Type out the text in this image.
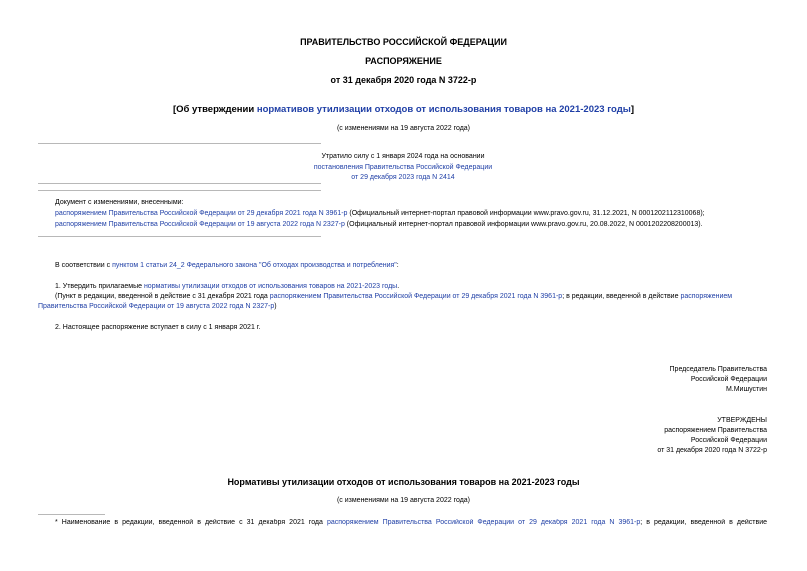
ПРАВИТЕЛЬСТВО РОССИЙСКОЙ ФЕДЕРАЦИИ
РАСПОРЯЖЕНИЕ
от 31 декабря 2020 года N 3722-р
[Об утверждении нормативов утилизации отходов от использования товаров на 2021-2023 годы]
(с изменениями на 19 августа 2022 года)
Утратило силу с 1 января 2024 года на основании
постановления Правительства Российской Федерации
от 29 декабря 2023 года N 2414
Документ с изменениями, внесенными:
распоряжением Правительства Российской Федерации от 29 декабря 2021 года N 3961-р (Официальный интернет-портал правовой информации www.pravo.gov.ru, 31.12.2021, N 0001202112310068);
распоряжением Правительства Российской Федерации от 19 августа 2022 года N 2327-р (Официальный интернет-портал правовой информации www.pravo.gov.ru, 20.08.2022, N 0001202208200013).
В соответствии с пунктом 1 статьи 24_2 Федерального закона "Об отходах производства и потребления":
1. Утвердить прилагаемые нормативы утилизации отходов от использования товаров на 2021-2023 годы.
(Пункт в редакции, введенной в действие с 31 декабря 2021 года распоряжением Правительства Российской Федерации от 29 декабря 2021 года N 3961-р; в редакции, введенной в действие распоряжением
Правительства Российской Федерации от 19 августа 2022 года N 2327-р)
2. Настоящее распоряжение вступает в силу с 1 января 2021 г.
Председатель Правительства
Российской Федерации
М.Мишустин
УТВЕРЖДЕНЫ
распоряжением Правительства
Российской Федерации
от 31 декабря 2020 года N 3722-р
Нормативы утилизации отходов от использования товаров на 2021-2023 годы
(с изменениями на 19 августа 2022 года)
* Наименование в редакции, введенной в действие с 31 декабря 2021 года распоряжением Правительства Российской Федерации от 29 декабря 2021 года N 3961-р; в редакции, введенной в действие
